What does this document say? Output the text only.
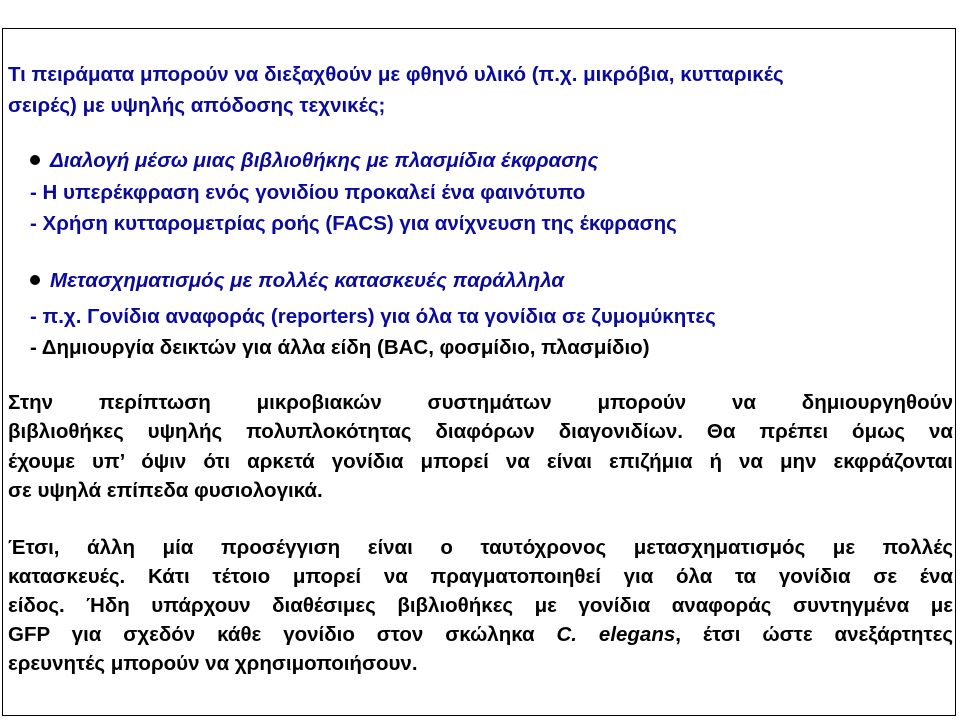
Τι πειράματα μπορούν να διεξαχθούν με φθηνό υλικό (π.χ. μικρόβια, κυτταρικές

σειρές) με υψηλής απόδοσης τεχνικές;

Διαλογή μέσω μιας βιβλιοθήκης με πλασμίδια έκφρασης

- Η υπερέκφραση ενός γονιδίου προκαλεί ένα φαινότυπο

- Χρήση κυτταρομετρίας ροής (FACS) για ανίχνευση της έκφρασης

Μετασχηματισμός με πολλές κατασκευές παράλληλα

- π.χ. Γονίδια αναφοράς (reporters) για όλα τα γονίδια σε ζυμομύκητες

- Δημιουργία δεικτών για άλλα είδη (BAC, φοσμίδιο, πλασμίδιο)

Στην περίπτωση μικροβιακών συστημάτων μπορούν να δημιουργηθούν

βιβλιοθήκες υψηλής πολυπλοκότητας διαφόρων διαγονιδίων. Θα πρέπει όμως να

έχουμε υπ’ όψιν ότι αρκετά γονίδια μπορεί να είναι επιζήμια ή να μην εκφράζονται

σε υψηλά επίπεδα φυσιολογικά.

Έτσι, άλλη μία προσέγγιση είναι ο ταυτόχρονος μετασχηματισμός με πολλές

κατασκευές. Κάτι τέτοιο μπορεί να πραγματοποιηθεί για όλα τα γονίδια σε ένα

είδος. Ήδη υπάρχουν διαθέσιμες βιβλιοθήκες με γονίδια αναφοράς συντηγμένα με

GFP για σχεδόν κάθε γονίδιο στον σκώληκα C. elegans, έτσι ώστε ανεξάρτητες

ερευνητές μπορούν να χρησιμοποιήσουν.
